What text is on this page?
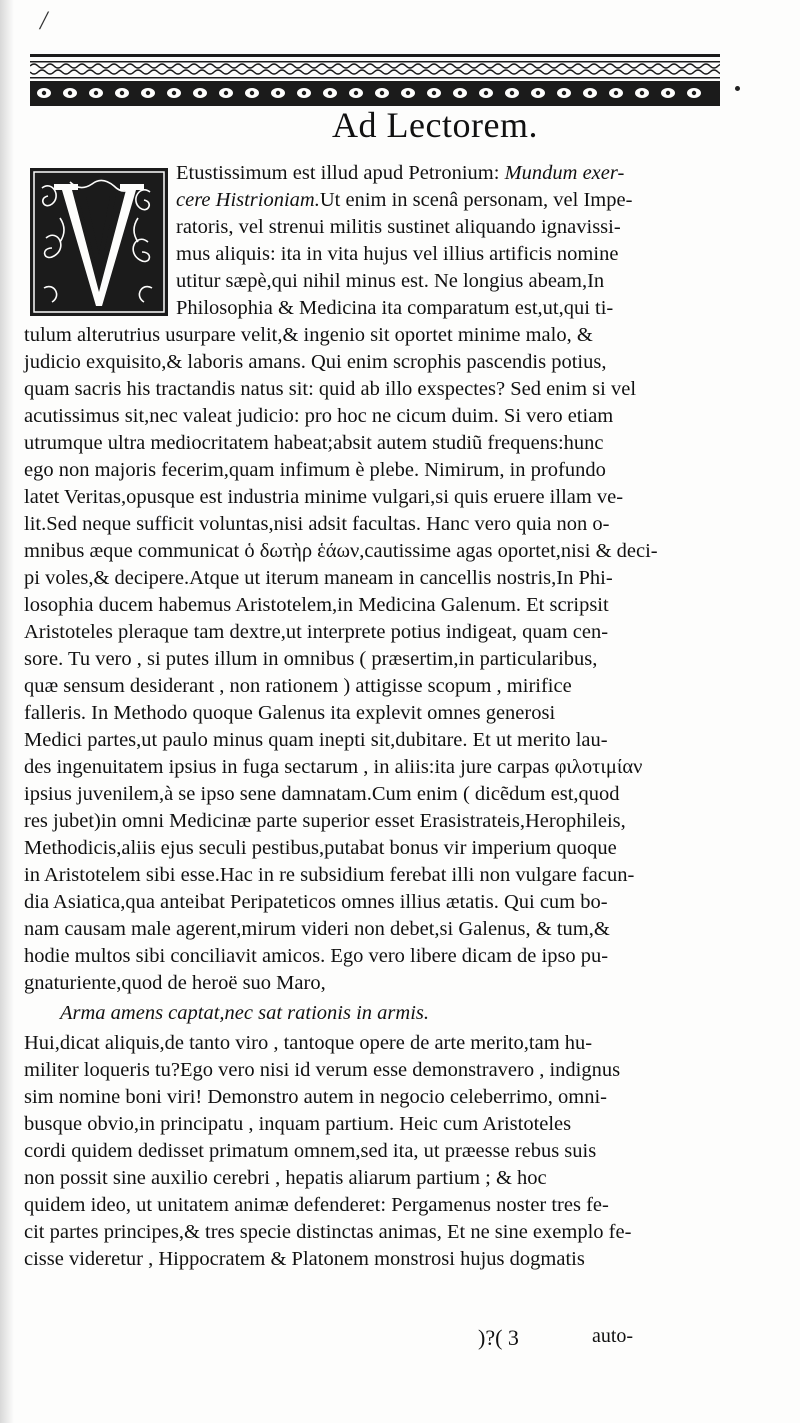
/
Ad Lectorem.
Etustissimum est illud apud Petronium: Mundum exer-
cere Histrioniam.Ut enim in scenâ personam, vel Impe-
ratoris, vel strenui militis sustinet aliquando ignavissi-
mus aliquis: ita in vita hujus vel illius artificis nomine
utitur sæpè,qui nihil minus est. Ne longius abeam,In
Philosophia & Medicina ita comparatum est,ut,qui ti-
tulum alterutrius usurpare velit,& ingenio sit oportet minime malo, &
judicio exquisito,& laboris amans. Qui enim scrophis pascendis potius,
quam sacris his tractandis natus sit: quid ab illo exspectes? Sed enim si vel
acutissimus sit,nec valeat judicio: pro hoc ne cicum duim. Si vero etiam
utrumque ultra mediocritatem habeat;absit autem studiũ frequens:hunc
ego non majoris fecerim,quam infimum è plebe. Nimirum, in profundo
latet Veritas,opusque est industria minime vulgari,si quis eruere illam ve-
lit.Sed neque sufficit voluntas,nisi adsit facultas. Hanc vero quia non o-
mnibus æque communicat ὁ δωτὴρ ἑάων,cautissime agas oportet,nisi & deci-
pi voles,& decipere.Atque ut iterum maneam in cancellis nostris,In Phi-
losophia ducem habemus Aristotelem,in Medicina Galenum. Et scripsit
Aristoteles pleraque tam dextre,ut interprete potius indigeat, quam cen-
sore. Tu vero , si putes illum in omnibus ( præsertim,in particularibus,
quæ sensum desiderant , non rationem ) attigisse scopum , mirifice
falleris. In Methodo quoque Galenus ita explevit omnes generosi
Medici partes,ut paulo minus quam inepti sit,dubitare. Et ut merito lau-
des ingenuitatem ipsius in fuga sectarum , in aliis:ita jure carpas φιλοτιμίαν
ipsius juvenilem,à se ipso sene damnatam.Cum enim ( dicẽdum est,quod
res jubet)in omni Medicinæ parte superior esset Erasistrateis,Herophileis,
Methodicis,aliis ejus seculi pestibus,putabat bonus vir imperium quoque
in Aristotelem sibi esse.Hac in re subsidium ferebat illi non vulgare facun-
dia Asiatica,qua anteibat Peripateticos omnes illius ætatis. Qui cum bo-
nam causam male agerent,mirum videri non debet,si Galenus, & tum,&
hodie multos sibi conciliavit amicos. Ego vero libere dicam de ipso pu-
gnaturiente,quod de heroë suo Maro,
Arma amens captat,nec sat rationis in armis.
Hui,dicat aliquis,de tanto viro , tantoque opere de arte merito,tam hu-
militer loqueris tu?Ego vero nisi id verum esse demonstravero , indignus
sim nomine boni viri! Demonstro autem in negocio celeberrimo, omni-
busque obvio,in principatu , inquam partium. Heic cum Aristoteles
cordi quidem dedisset primatum omnem,sed ita, ut præesse rebus suis
non possit sine auxilio cerebri , hepatis aliarum partium ; & hoc
quidem ideo, ut unitatem animæ defenderet: Pergamenus noster tres fe-
cit partes principes,& tres specie distinctas animas, Et ne sine exemplo fe-
cisse videretur , Hippocratem & Platonem monstrosi hujus dogmatis
)?( 3	auto-
